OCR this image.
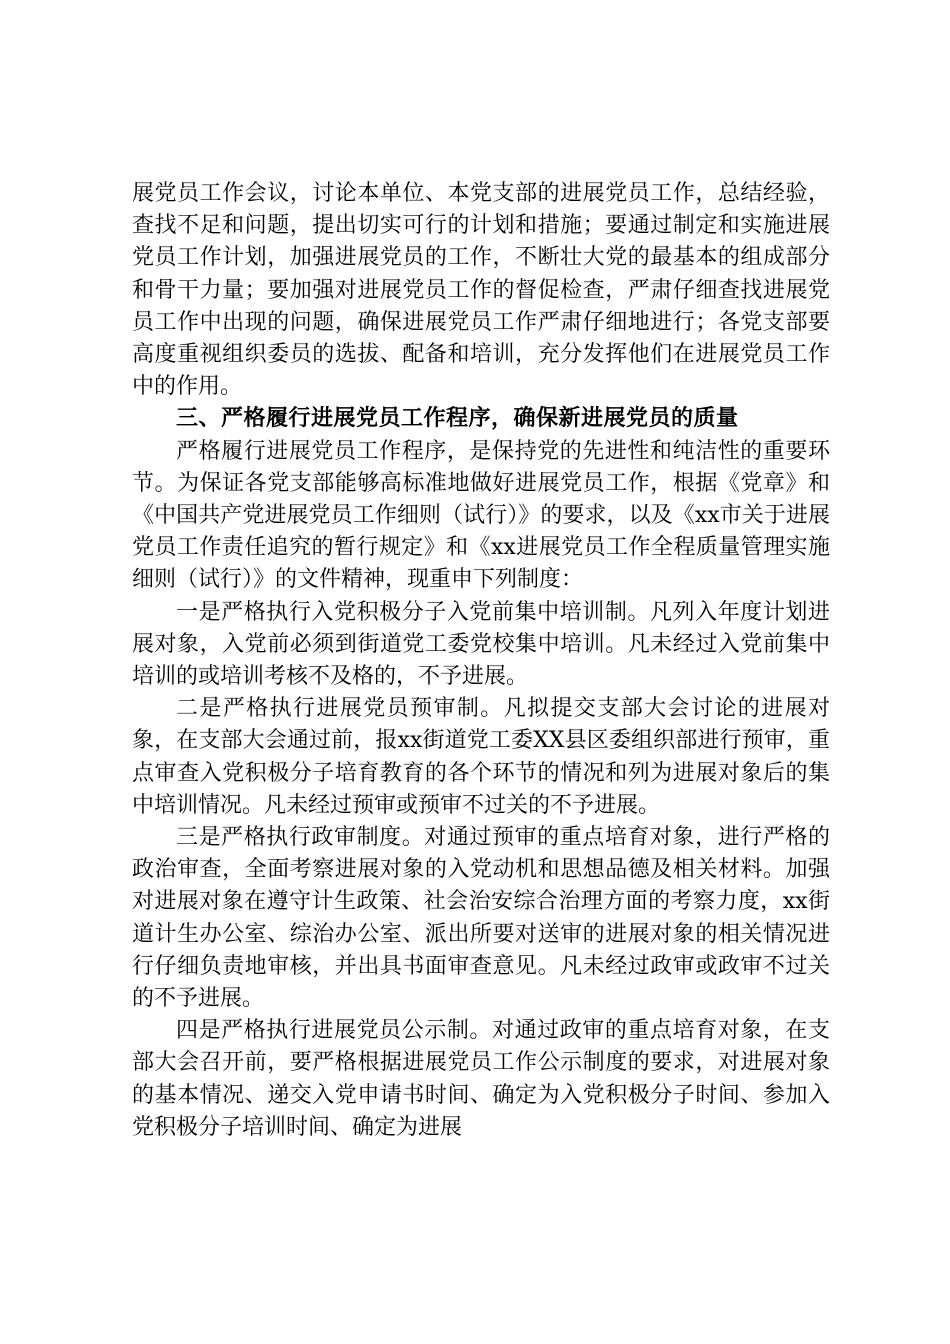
展党员工作会议，讨论本单位、本党支部的进展党员工作，总结经验，查找不足和问题，提出切实可行的计划和措施；要通过制定和实施进展党员工作计划，加强进展党员的工作，不断壮大党的最基本的组成部分和骨干力量；要加强对进展党员工作的督促检查，严肃仔细查找进展党员工作中出现的问题，确保进展党员工作严肃仔细地进行；各党支部要高度重视组织委员的选拔、配备和培训，充分发挥他们在进展党员工作中的作用。

三、严格履行进展党员工作程序，确保新进展党员的质量

严格履行进展党员工作程序，是保持党的先进性和纯洁性的重要环节。为保证各党支部能够高标准地做好进展党员工作，根据《党章》和《中国共产党进展党员工作细则（试行）》的要求，以及《xx市关于进展党员工作责任追究的暂行规定》和《xx进展党员工作全程质量管理实施细则（试行）》的文件精神，现重申下列制度：

一是严格执行入党积极分子入党前集中培训制。凡列入年度计划进展对象，入党前必须到街道党工委党校集中培训。凡未经过入党前集中培训的或培训考核不及格的，不予进展。

二是严格执行进展党员预审制。凡拟提交支部大会讨论的进展对象，在支部大会通过前，报xx街道党工委XX县区委组织部进行预审，重点审查入党积极分子培育教育的各个环节的情况和列为进展对象后的集中培训情况。凡未经过预审或预审不过关的不予进展。

三是严格执行政审制度。对通过预审的重点培育对象，进行严格的政治审查，全面考察进展对象的入党动机和思想品德及相关材料。加强对进展对象在遵守计生政策、社会治安综合治理方面的考察力度，xx街道计生办公室、综治办公室、派出所要对送审的进展对象的相关情况进行仔细负责地审核，并出具书面审查意见。凡未经过政审或政审不过关的不予进展。

四是严格执行进展党员公示制。对通过政审的重点培育对象，在支部大会召开前，要严格根据进展党员工作公示制度的要求，对进展对象的基本情况、递交入党申请书时间、确定为入党积极分子时间、参加入党积极分子培训时间、确定为进展
